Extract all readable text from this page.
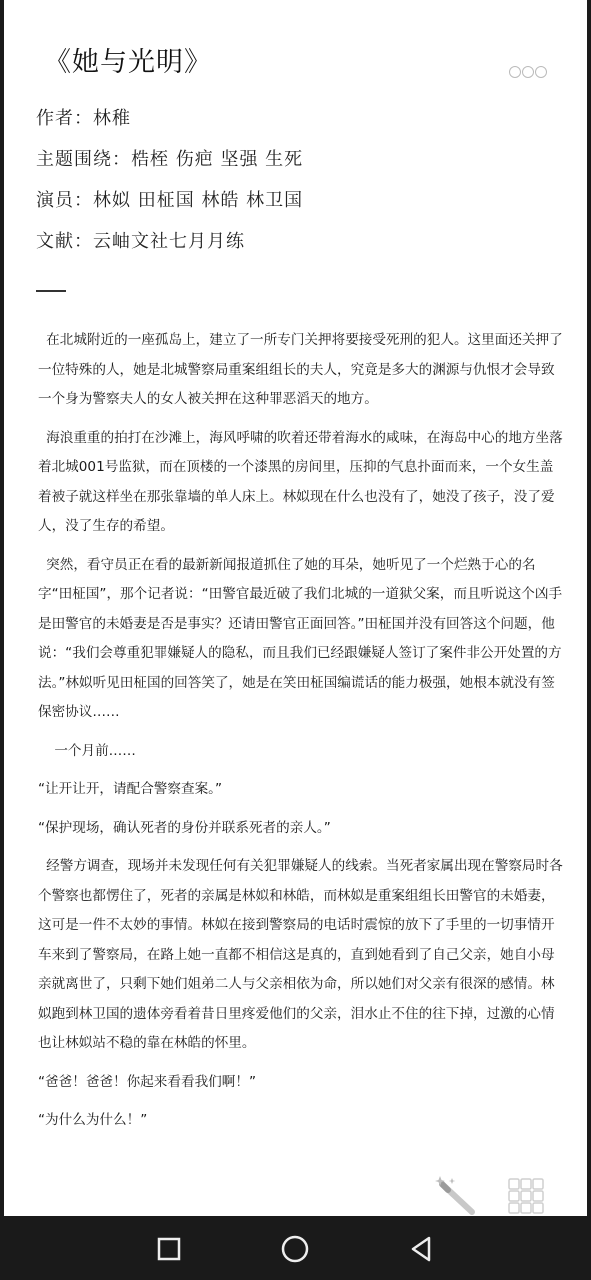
《她与光明》
作者：林稚
主题围绕：梏桎 伤疤 坚强 生死
演员：林姒 田柾国 林皓 林卫国
文献：云岫文社七月月练

在北城附近的一座孤岛上，建立了一所专门关押将要接受死刑的犯人。这里面还关押了一位特殊的人，她是北城警察局重案组组长的夫人，究竟是多大的渊源与仇恨才会导致一个身为警察夫人的女人被关押在这种罪恶滔天的地方。

海浪重重的拍打在沙滩上，海风呼啸的吹着还带着海水的咸味，在海岛中心的地方坐落着北城001号监狱，而在顶楼的一个漆黑的房间里，压抑的气息扑面而来，一个女生盖着被子就这样坐在那张靠墙的单人床上。林姒现在什么也没有了，她没了孩子，没了爱人，没了生存的希望。

突然，看守员正在看的最新新闻报道抓住了她的耳朵，她听见了一个烂熟于心的名字“田柾国”，那个记者说：“田警官最近破了我们北城的一道狱父案，而且听说这个凶手是田警官的未婚妻是否是事实？还请田警官正面回答。”田柾国并没有回答这个问题，他说：“我们会尊重犯罪嫌疑人的隐私，而且我们已经跟嫌疑人签订了案件非公开处置的方法。”林姒听见田柾国的回答笑了，她是在笑田柾国编谎话的能力极强，她根本就没有签保密协议……

一个月前……

“让开让开，请配合警察查案。”

“保护现场，确认死者的身份并联系死者的亲人。”

经警方调查，现场并未发现任何有关犯罪嫌疑人的线索。当死者家属出现在警察局时各个警察也都愣住了，死者的亲属是林姒和林皓，而林姒是重案组组长田警官的未婚妻，这可是一件不太妙的事情。林姒在接到警察局的电话时震惊的放下了手里的一切事情开车来到了警察局，在路上她一直都不相信这是真的，直到她看到了自己父亲，她自小母亲就离世了，只剩下她们姐弟二人与父亲相依为命，所以她们对父亲有很深的感情。林姒跑到林卫国的遗体旁看着昔日里疼爱他们的父亲，泪水止不住的往下掉，过激的心情也让林姒站不稳的靠在林皓的怀里。

“爸爸！爸爸！你起来看看我们啊！”

“为什么为什么！”
